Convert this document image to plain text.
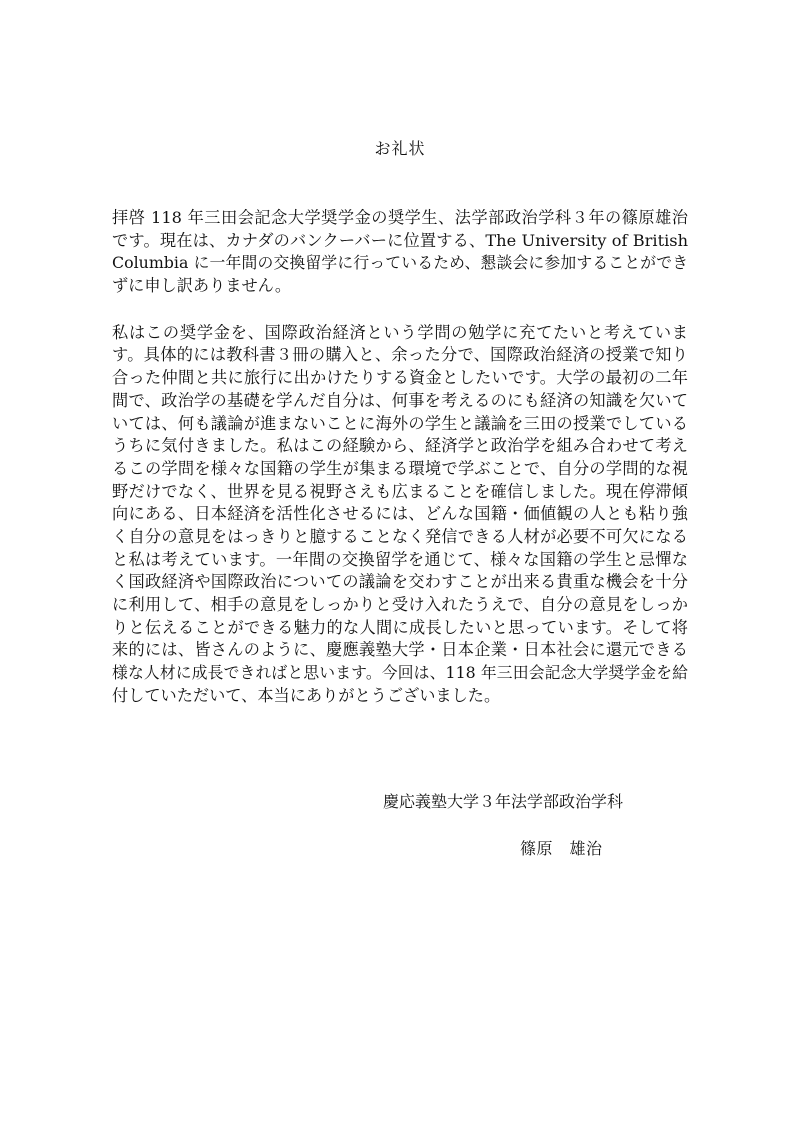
お礼状
拝啓 118 年三田会記念大学奨学金の奨学生、法学部政治学科３年の篠原雄治
です。現在は、カナダのバンクーバーに位置する、The University of British
Columbia に一年間の交換留学に行っているため、懇談会に参加することができ
ずに申し訳ありません。
私はこの奨学金を、国際政治経済という学問の勉学に充てたいと考えていま
す。具体的には教科書３冊の購入と、余った分で、国際政治経済の授業で知り
合った仲間と共に旅行に出かけたりする資金としたいです。大学の最初の二年
間で、政治学の基礎を学んだ自分は、何事を考えるのにも経済の知識を欠いて
いては、何も議論が進まないことに海外の学生と議論を三田の授業でしている
うちに気付きました。私はこの経験から、経済学と政治学を組み合わせて考え
るこの学問を様々な国籍の学生が集まる環境で学ぶことで、自分の学問的な視
野だけでなく、世界を見る視野さえも広まることを確信しました。現在停滞傾
向にある、日本経済を活性化させるには、どんな国籍・価値観の人とも粘り強
く自分の意見をはっきりと臆することなく発信できる人材が必要不可欠になる
と私は考えています。一年間の交換留学を通じて、様々な国籍の学生と忌憚な
く国政経済や国際政治についての議論を交わすことが出来る貴重な機会を十分
に利用して、相手の意見をしっかりと受け入れたうえで、自分の意見をしっか
りと伝えることができる魅力的な人間に成長したいと思っています。そして将
来的には、皆さんのように、慶應義塾大学・日本企業・日本社会に還元できる
様な人材に成長できればと思います。今回は、118 年三田会記念大学奨学金を給
付していただいて、本当にありがとうございました。
慶応義塾大学３年法学部政治学科
篠原　雄治
